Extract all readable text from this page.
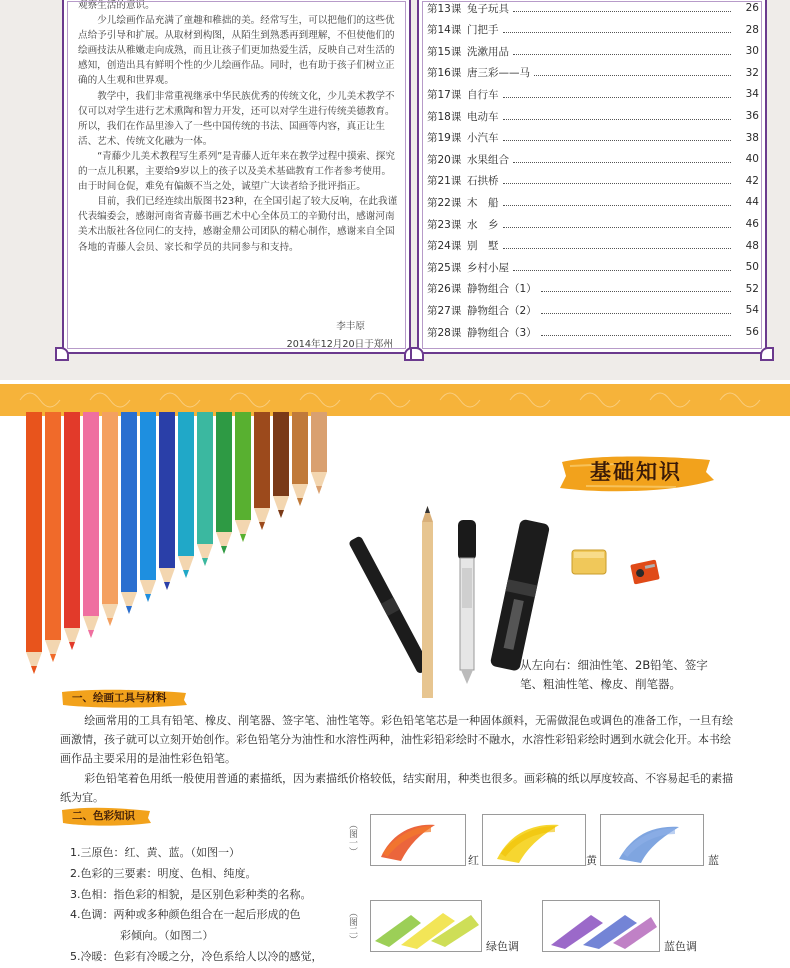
观察生活的意识。

少儿绘画作品充满了童趣和稚拙的美。经常写生，可以把他们的这些优点给予引导和扩展。从取材到构图，从陌生到熟悉再到理解，不但使他们的绘画技法从稚嫩走向成熟，而且让孩子们更加热爱生活，反映自己对生活的感知，创造出具有鲜明个性的少儿绘画作品。同时，也有助于孩子们树立正确的人生观和世界观。

教学中，我们非常重视继承中华民族优秀的传统文化，少儿美术教学不仅可以对学生进行艺术熏陶和智力开发，还可以对学生进行传统美德教育。所以，我们在作品里渗入了一些中国传统的书法、国画等内容，真正让生活、艺术、传统文化融为一体。

“青藤少儿美术教程写生系列”是青藤人近年来在教学过程中摸索、探究的一点儿积累，主要给9岁以上的孩子以及美术基础教育工作者参考使用。由于时间仓促，难免有偏颇不当之处，诚望广大读者给予批评指正。

目前，我们已经连续出版图书23种，在全国引起了较大反响，在此我谨代表编委会，感谢河南省青藤书画艺术中心全体员工的辛勤付出，感谢河南美术出版社各位同仁的支持，感谢金鼎公司团队的精心制作，感谢来自全国各地的青藤人会员、家长和学员的共同参与和支持。

李丰原
2014年12月20日于郑州
第13课 兔子玩具	26
第14课 门把手	28
第15课 洗漱用品	30
第16课 唐三彩——马	32
第17课 自行车	34
第18课 电动车	36
第19课 小汽车	38
第20课 水果组合	40
第21课 石拱桥	42
第22课 木　船	44
第23课 水　乡	46
第24课 别　墅	48
第25课 乡村小屋	50
第26课 静物组合（1）	52
第27课 静物组合（2）	54
第28课 静物组合（3）	56
基础知识
从左向右：细油性笔、2B铅笔、签字笔、粗油性笔、橡皮、削笔器。
一、绘画工具与材料

绘画常用的工具有铅笔、橡皮、削笔器、签字笔、油性笔等。彩色铅笔笔芯是一种固体颜料，无需做混色或调色的准备工作，一旦有绘画激情，孩子就可以立刻开始创作。彩色铅笔分为油性和水溶性两种，油性彩铅彩绘时不融水，水溶性彩铅彩绘时遇到水就会化开。本书绘画作品主要采用的是油性彩色铅笔。

彩色铅笔着色用纸一般使用普通的素描纸，因为素描纸价格较低，结实耐用，种类也很多。画彩稿的纸以厚度较高、不容易起毛的素描纸为宜。

二、色彩知识
1.三原色：红、黄、蓝。（如图一）
2.色彩的三要素：明度、色相、纯度。
3.色相：指色彩的相貌，是区别色彩种类的名称。
4.色调：两种或多种颜色组合在一起后形成的色
彩倾向。（如图二）
5.冷暖：色彩有冷暖之分，冷色系给人以冷的感觉，
（图一）
（图二）
红	黄	蓝
绿色调	蓝色调
